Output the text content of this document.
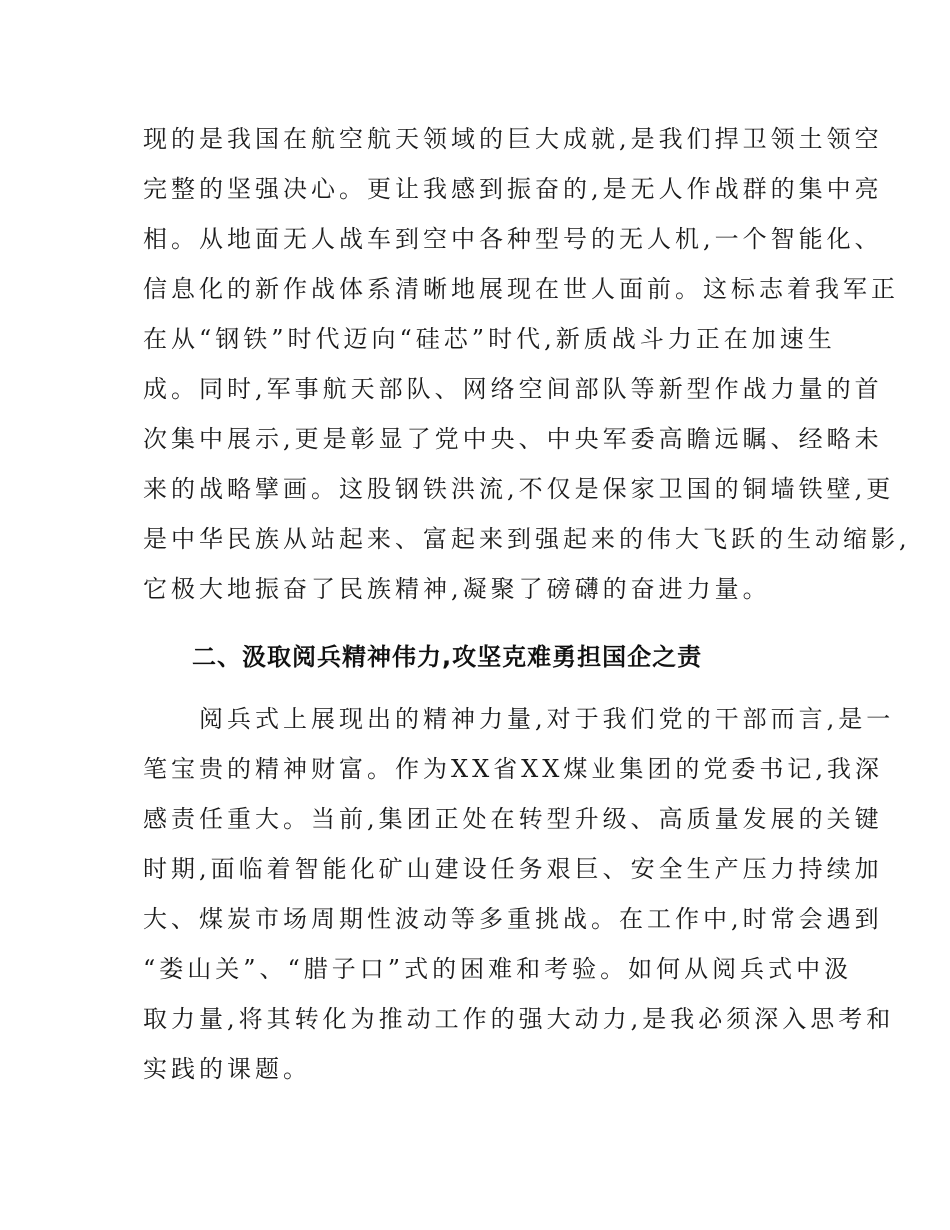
现的是我国在航空航天领域的巨大成就,是我们捍卫领土领空
完整的坚强决心。更让我感到振奋的,是无人作战群的集中亮
相。从地面无人战车到空中各种型号的无人机,一个智能化、
信息化的新作战体系清晰地展现在世人面前。这标志着我军正
在从“钢铁”时代迈向“硅芯”时代,新质战斗力正在加速生
成。同时,军事航天部队、网络空间部队等新型作战力量的首
次集中展示,更是彰显了党中央、中央军委高瞻远瞩、经略未
来的战略擘画。这股钢铁洪流,不仅是保家卫国的铜墙铁壁,更
是中华民族从站起来、富起来到强起来的伟大飞跃的生动缩影,
它极大地振奋了民族精神,凝聚了磅礴的奋进力量。
二、汲取阅兵精神伟力,攻坚克难勇担国企之责
　　阅兵式上展现出的精神力量,对于我们党的干部而言,是一
笔宝贵的精神财富。作为XX省XX煤业集团的党委书记,我深
感责任重大。当前,集团正处在转型升级、高质量发展的关键
时期,面临着智能化矿山建设任务艰巨、安全生产压力持续加
大、煤炭市场周期性波动等多重挑战。在工作中,时常会遇到
“娄山关”、“腊子口”式的困难和考验。如何从阅兵式中汲
取力量,将其转化为推动工作的强大动力,是我必须深入思考和
实践的课题。
